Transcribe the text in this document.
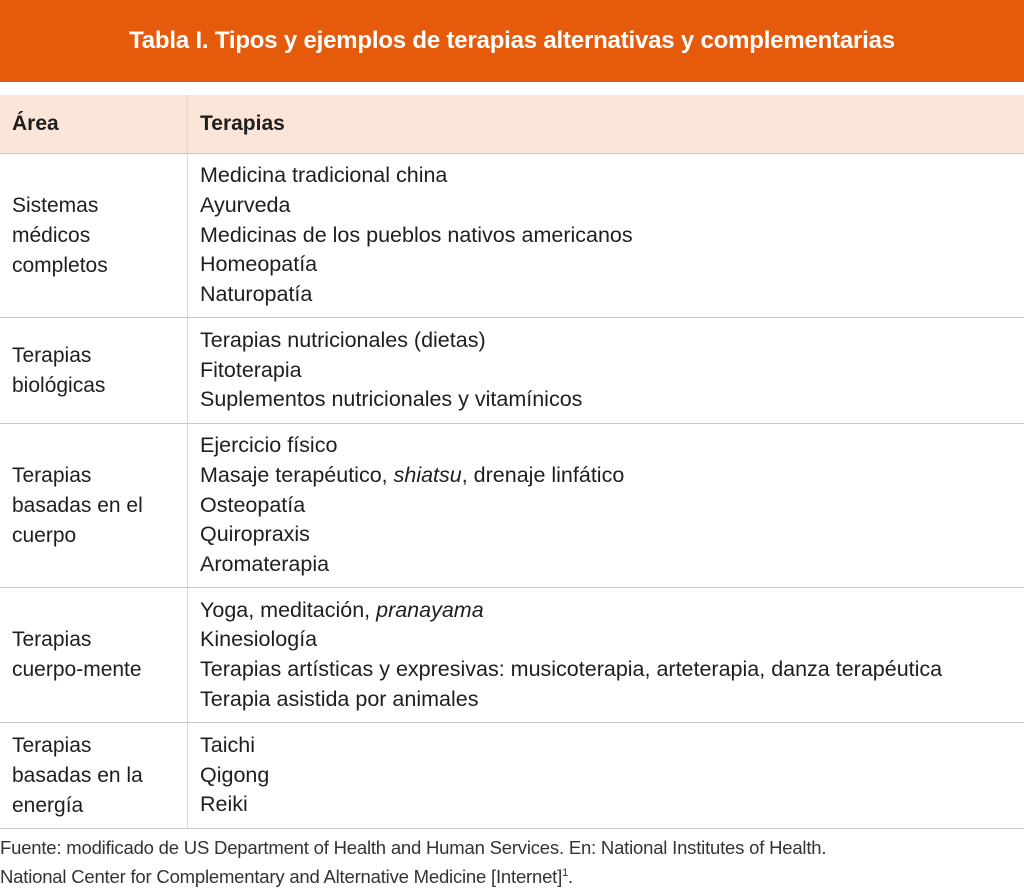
Tabla I. Tipos y ejemplos de terapias alternativas y complementarias
Área	Terapias
Sistemas
médicos
completos
Medicina tradicional china
Ayurveda
Medicinas de los pueblos nativos americanos
Homeopatía
Naturopatía
Terapias
biológicas
Terapias nutricionales (dietas)
Fitoterapia
Suplementos nutricionales y vitamínicos
Terapias
basadas en el
cuerpo
Ejercicio físico
Masaje terapéutico, shiatsu, drenaje linfático
Osteopatía
Quiropraxis
Aromaterapia
Terapias
cuerpo-mente
Yoga, meditación, pranayama
Kinesiología
Terapias artísticas y expresivas: musicoterapia, arteterapia, danza terapéutica
Terapia asistida por animales
Terapias
basadas en la
energía
Taichi
Qigong
Reiki
Fuente: modificado de US Department of Health and Human Services. En: National Institutes of Health.
National Center for Complementary and Alternative Medicine [Internet]$^1$.
